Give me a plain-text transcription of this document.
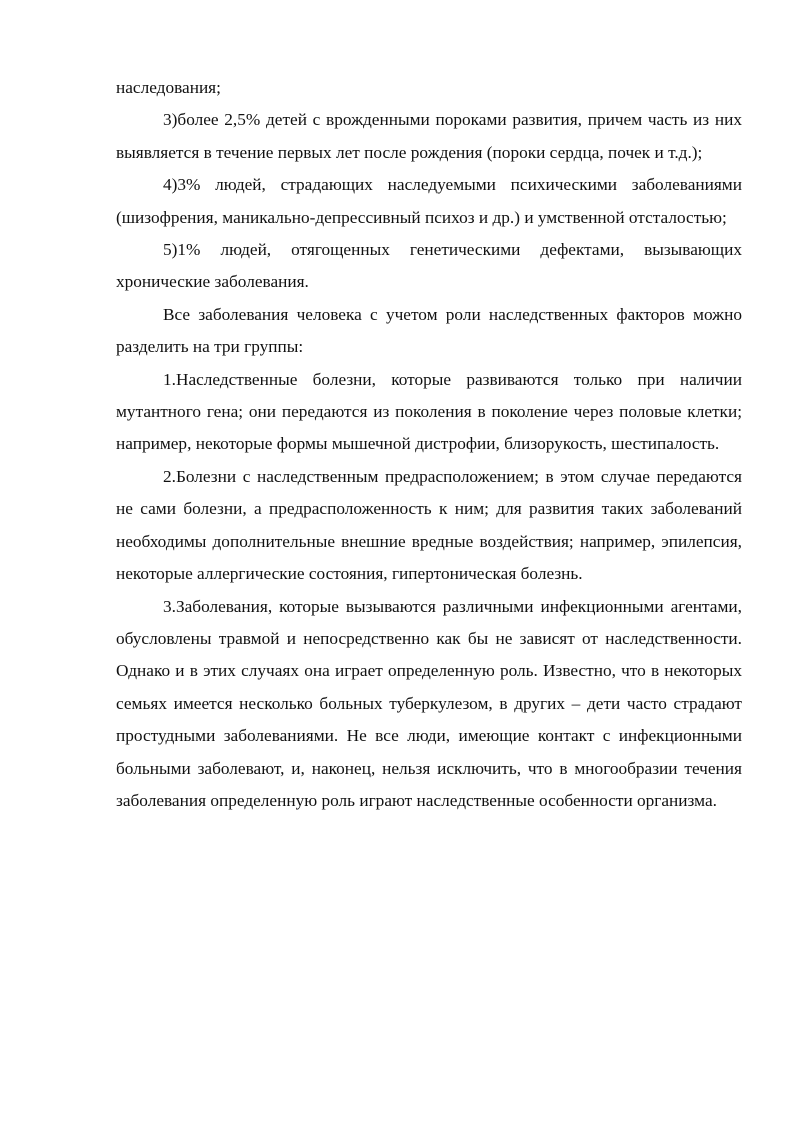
наследования;

3)более 2,5% детей с врожденными пороками развития, причем часть из них выявляется в течение первых лет после рождения (пороки сердца, почек и т.д.);

4)3% людей, страдающих наследуемыми психическими заболеваниями (шизофрения, маникально-депрессивный психоз и др.) и умственной отсталостью;

5)1% людей, отягощенных генетическими дефектами, вызывающих хронические заболевания.

Все заболевания человека с учетом роли наследственных факторов можно разделить на три группы:

1.Наследственные болезни, которые развиваются только при наличии мутантного гена; они передаются из поколения в поколение через половые клетки; например, некоторые формы мышечной дистрофии, близорукость, шестипалость.

2.Болезни с наследственным предрасположением; в этом случае передаются не сами болезни, а предрасположенность к ним; для развития таких заболеваний необходимы дополнительные внешние вредные воздействия; например, эпилепсия, некоторые аллергические состояния, гипертоническая болезнь.

3.Заболевания, которые вызываются различными инфекционными агентами, обусловлены травмой и непосредственно как бы не зависят от наследственности. Однако и в этих случаях она играет определенную роль. Известно, что в некоторых семьях имеется несколько больных туберкулезом, в других – дети часто страдают простудными заболеваниями. Не все люди, имеющие контакт с инфекционными больными заболевают, и, наконец, нельзя исключить, что в многообразии течения заболевания определенную роль играют наследственные особенности организма.
